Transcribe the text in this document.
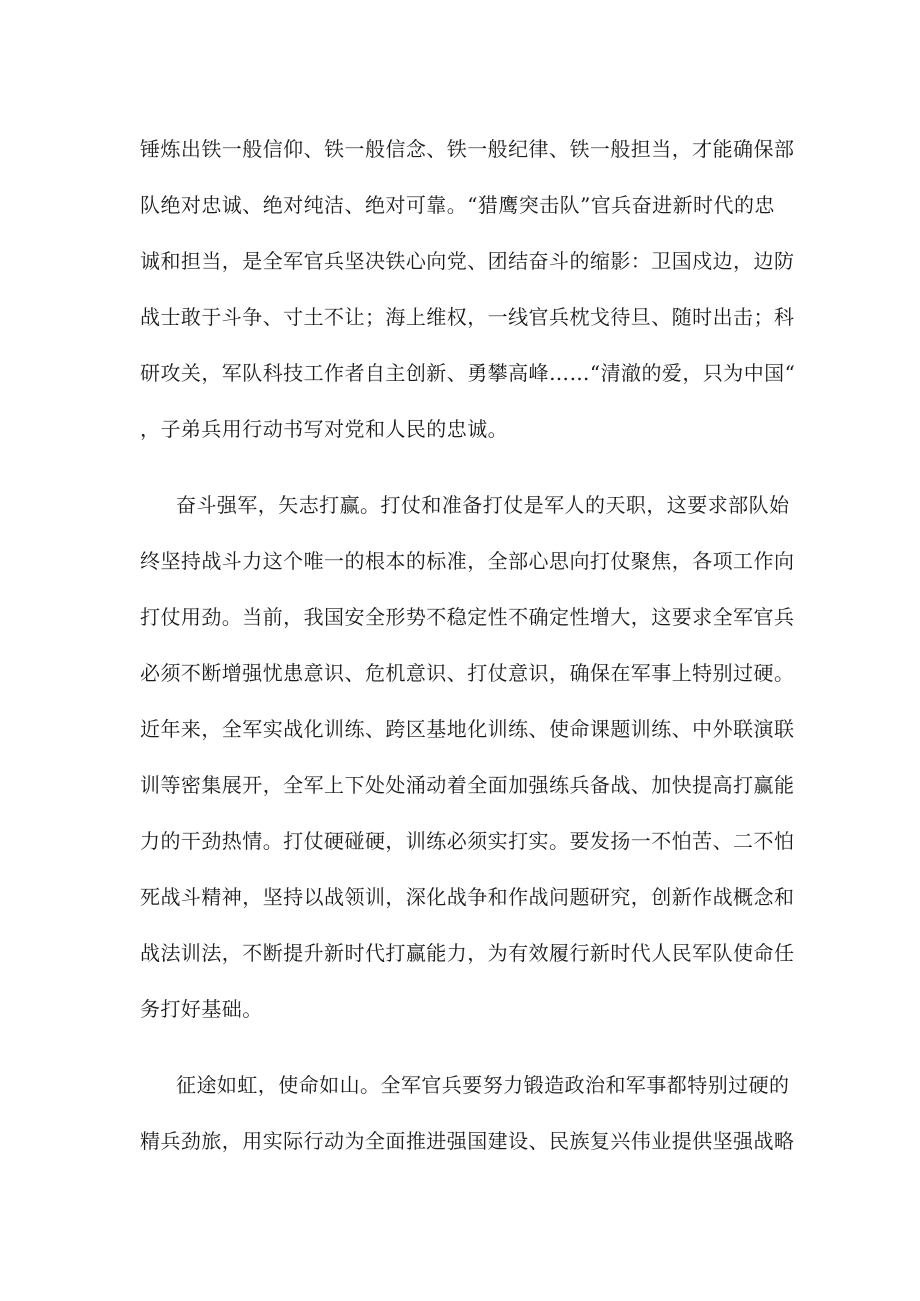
锤炼出铁一般信仰、铁一般信念、铁一般纪律、铁一般担当，才能确保部
队绝对忠诚、绝对纯洁、绝对可靠。“猎鹰突击队”官兵奋进新时代的忠
诚和担当，是全军官兵坚决铁心向党、团结奋斗的缩影：卫国戍边，边防
战士敢于斗争、寸土不让；海上维权，一线官兵枕戈待旦、随时出击；科
研攻关，军队科技工作者自主创新、勇攀高峰……“清澈的爱，只为中国“
，子弟兵用行动书写对党和人民的忠诚。
奋斗强军，矢志打赢。打仗和准备打仗是军人的天职，这要求部队始
终坚持战斗力这个唯一的根本的标准，全部心思向打仗聚焦，各项工作向
打仗用劲。当前，我国安全形势不稳定性不确定性增大，这要求全军官兵
必须不断增强忧患意识、危机意识、打仗意识，确保在军事上特别过硬。
近年来，全军实战化训练、跨区基地化训练、使命课题训练、中外联演联
训等密集展开，全军上下处处涌动着全面加强练兵备战、加快提高打赢能
力的干劲热情。打仗硬碰硬，训练必须实打实。要发扬一不怕苦、二不怕
死战斗精神，坚持以战领训，深化战争和作战问题研究，创新作战概念和
战法训法，不断提升新时代打赢能力，为有效履行新时代人民军队使命任
务打好基础。
征途如虹，使命如山。全军官兵要努力锻造政治和军事都特别过硬的
精兵劲旅，用实际行动为全面推进强国建设、民族复兴伟业提供坚强战略
